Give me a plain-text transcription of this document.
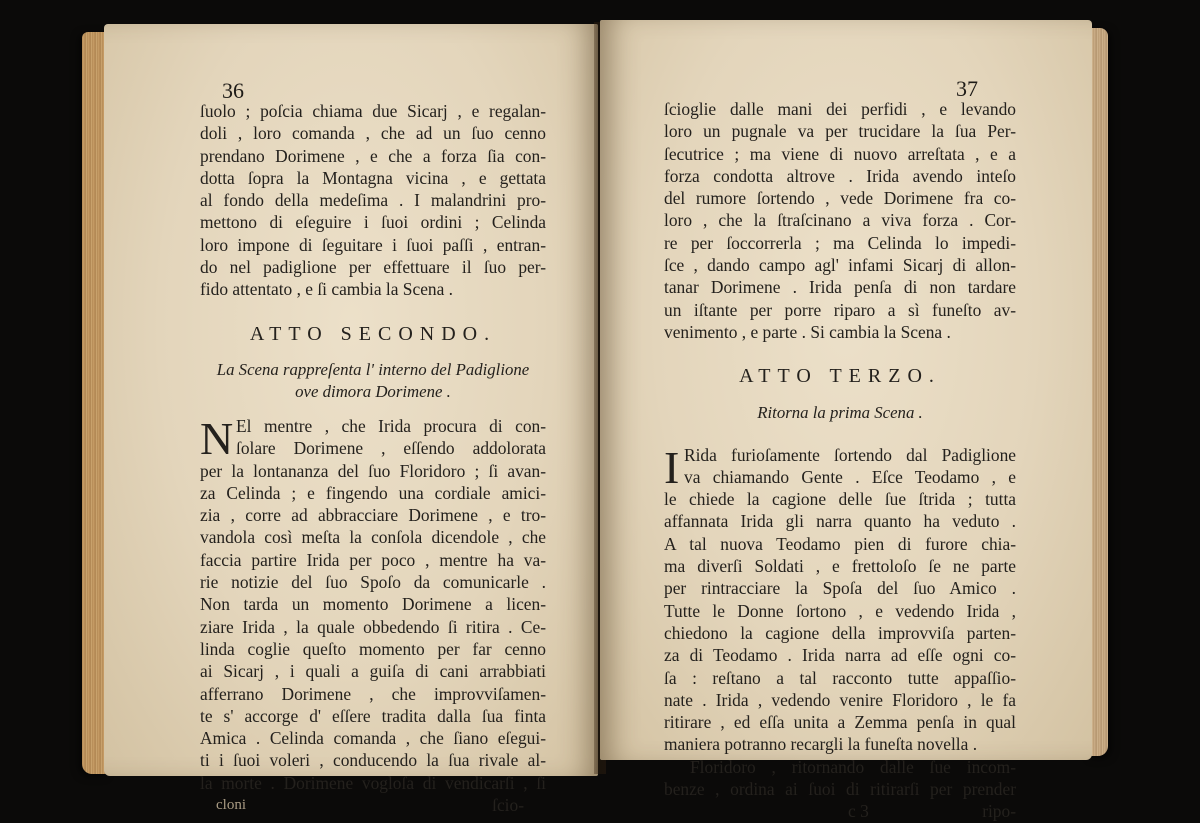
36
ſuolo ; poſcia chiama due Sicarj , e regalan-
doli , loro comanda , che ad un ſuo cenno
prendano Dorimene , e che a forza ſia con-
dotta ſopra la Montagna vicina , e gettata
al fondo della medeſima . I malandrini pro-
mettono di eſeguire i ſuoi ordini ; Celinda
loro impone di ſeguitare i ſuoi paſſi , entran-
do nel padiglione per effettuare il ſuo per-
fido attentato , e ſi cambia la Scena .
ATTO SECONDO.
La Scena rappreſenta l' interno del Padiglione
ove dimora Dorimene .
N El mentre , che Irida procura di con-
ſolare Dorimene , eſſendo addolorata
per la lontananza del ſuo Floridoro ; ſi avan-
za Celinda ; e fingendo una cordiale amici-
zia , corre ad abbracciare Dorimene , e tro-
vandola così meſta la conſola dicendole , che
faccia partire Irida per poco , mentre ha va-
rie notizie del ſuo Spoſo da comunicarle .
Non tarda un momento Dorimene a licen-
ziare Irida , la quale obbedendo ſi ritira . Ce-
linda coglie queſto momento per far cenno
ai Sicarj , i quali a guiſa di cani arrabbiati
afferrano Dorimene , che improvviſamen-
te s' accorge d' eſſere tradita dalla ſua finta
Amica . Celinda comanda , che ſiano eſegui-
ti i ſuoi voleri , conducendo la ſua rivale al-
la morte . Dorimene vogloſa di vendicarſi , ſi
cloni	ſcio-
37
ſcioglie dalle mani dei perfidi , e levando
loro un pugnale va per trucidare la ſua Per-
ſecutrice ; ma viene di nuovo arreſtata , e a
forza condotta altrove . Irida avendo inteſo
del rumore ſortendo , vede Dorimene fra co-
loro , che la ſtraſcinano a viva forza . Cor-
re per ſoccorrerla ; ma Celinda lo impedi-
ſce , dando campo agl' infami Sicarj di allon-
tanar Dorimene . Irida penſa di non tardare
un iſtante per porre riparo a sì funeſto av-
venimento , e parte . Si cambia la Scena .
ATTO TERZO.
Ritorna la prima Scena .
I Rida furioſamente ſortendo dal Padiglione
va chiamando Gente . Eſce Teodamo , e
le chiede la cagione delle ſue ſtrida ; tutta
affannata Irida gli narra quanto ha veduto .
A tal nuova Teodamo pien di furore chia-
ma diverſi Soldati , e frettoloſo ſe ne parte
per rintracciare la Spoſa del ſuo Amico .
Tutte le Donne ſortono , e vedendo Irida ,
chiedono la cagione della improvviſa parten-
za di Teodamo . Irida narra ad eſſe ogni co-
ſa : reſtano a tal racconto tutte appaſſio-
nate . Irida , vedendo venire Floridoro , le fa
ritirare , ed eſſa unita a Zemma penſa in qual
maniera potranno recargli la funeſta novella .
Floridoro , ritornando dalle ſue incom-
benze , ordina ai ſuoi di ritirarſi per prender
c 3	ripo-
